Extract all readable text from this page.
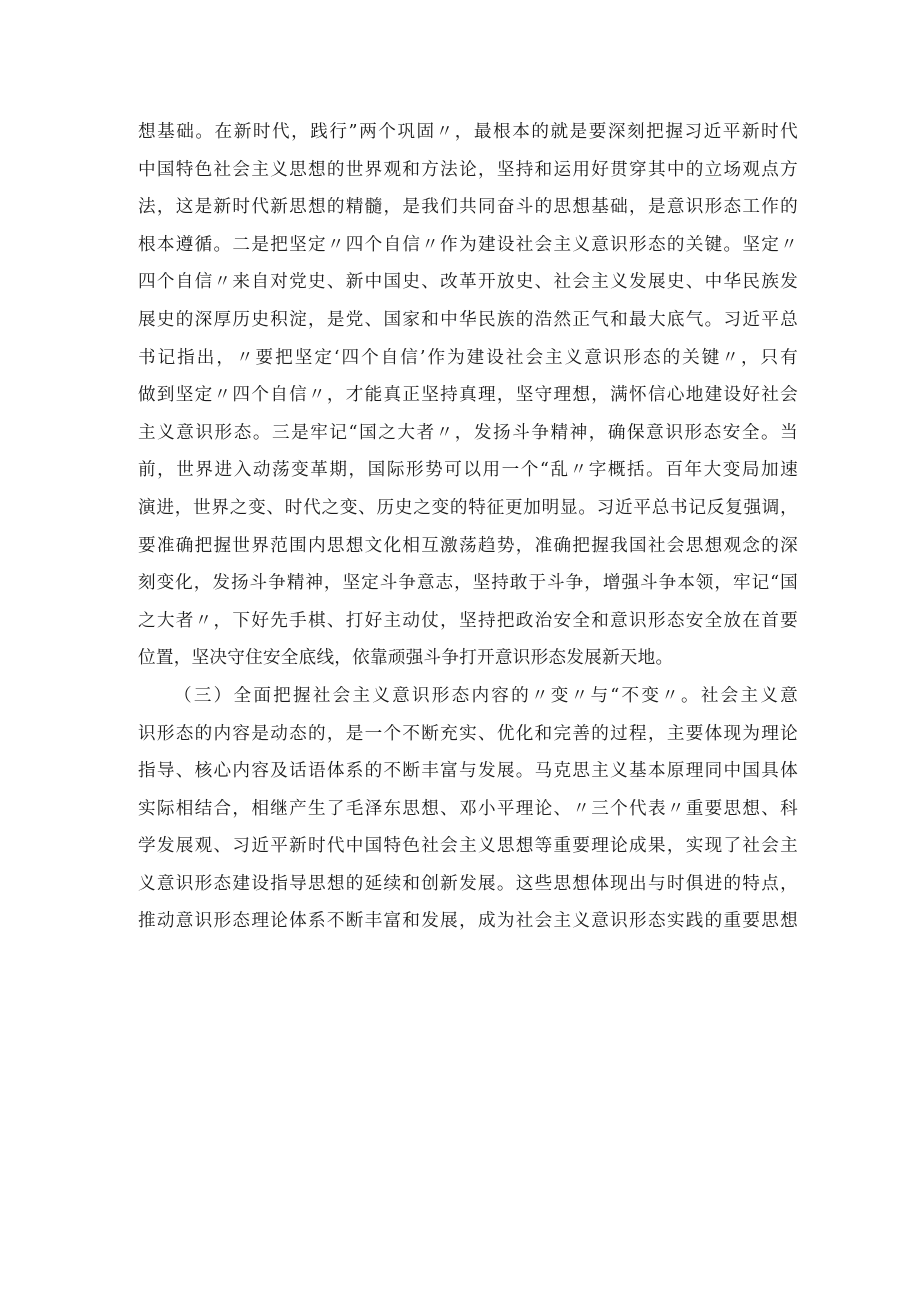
想基础。在新时代，践行”两个巩固〃，最根本的就是要深刻把握习近平新时代
中国特色社会主义思想的世界观和方法论，坚持和运用好贯穿其中的立场观点方
法，这是新时代新思想的精髓，是我们共同奋斗的思想基础，是意识形态工作的
根本遵循。二是把坚定〃四个自信〃作为建设社会主义意识形态的关键。坚定〃
四个自信〃来自对党史、新中国史、改革开放史、社会主义发展史、中华民族发
展史的深厚历史积淀，是党、国家和中华民族的浩然正气和最大底气。习近平总
书记指出，〃要把坚定‘四个自信’作为建设社会主义意识形态的关键〃，只有
做到坚定〃四个自信〃，才能真正坚持真理，坚守理想，满怀信心地建设好社会
主义意识形态。三是牢记“国之大者〃，发扬斗争精神，确保意识形态安全。当
前，世界进入动荡变革期，国际形势可以用一个“乱〃字概括。百年大变局加速
演进，世界之变、时代之变、历史之变的特征更加明显。习近平总书记反复强调，
要准确把握世界范围内思想文化相互激荡趋势，准确把握我国社会思想观念的深
刻变化，发扬斗争精神，坚定斗争意志，坚持敢于斗争，增强斗争本领，牢记“国
之大者〃，下好先手棋、打好主动仗，坚持把政治安全和意识形态安全放在首要
位置，坚决守住安全底线，依靠顽强斗争打开意识形态发展新天地。
（三）全面把握社会主义意识形态内容的〃变〃与“不变〃。社会主义意
识形态的内容是动态的，是一个不断充实、优化和完善的过程，主要体现为理论
指导、核心内容及话语体系的不断丰富与发展。马克思主义基本原理同中国具体
实际相结合，相继产生了毛泽东思想、邓小平理论、〃三个代表〃重要思想、科
学发展观、习近平新时代中国特色社会主义思想等重要理论成果，实现了社会主
义意识形态建设指导思想的延续和创新发展。这些思想体现出与时俱进的特点，
推动意识形态理论体系不断丰富和发展，成为社会主义意识形态实践的重要思想
